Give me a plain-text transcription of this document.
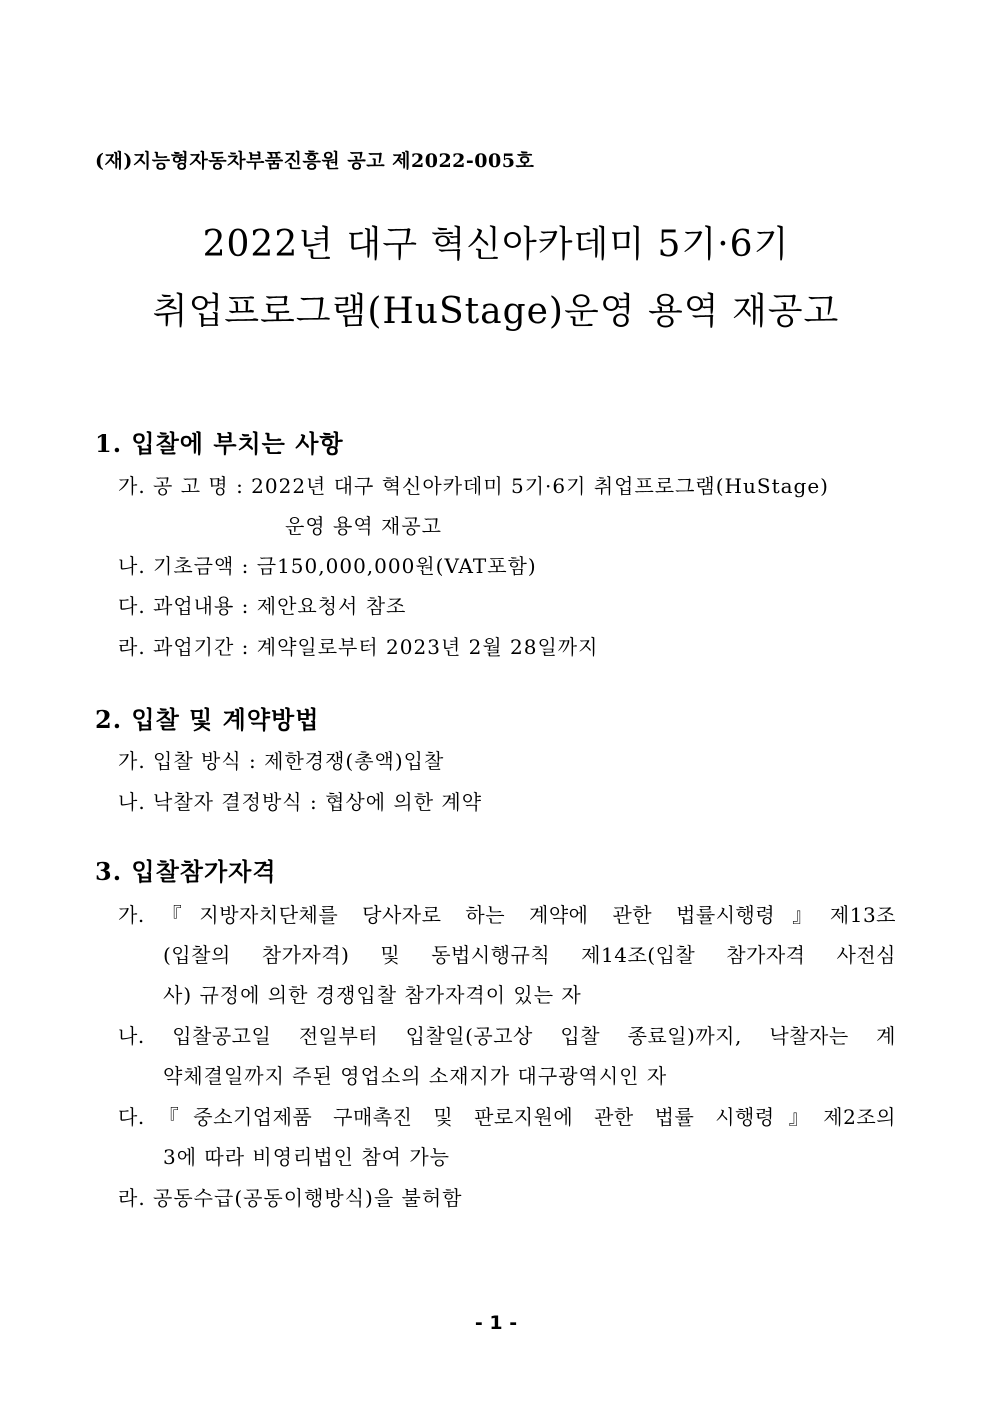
(재)지능형자동차부품진흥원 공고 제2022-005호
2022년 대구 혁신아카데미 5기·6기
취업프로그램(HuStage)운영 용역 재공고
1. 입찰에 부치는 사항
가. 공 고 명 : 2022년 대구 혁신아카데미 5기·6기 취업프로그램(HuStage)
운영 용역 재공고
나. 기초금액 : 금150,000,000원(VAT포함)
다. 과업내용 : 제안요청서 참조
라. 과업기간 : 계약일로부터 2023년 2월 28일까지
2. 입찰 및 계약방법
가. 입찰 방식 : 제한경쟁(총액)입찰
나. 낙찰자 결정방식 : 협상에 의한 계약
3. 입찰참가자격
가.『지방자치단체를 당사자로 하는 계약에 관한 법률시행령』제13조
(입찰의 참가자격) 및 동법시행규칙 제14조(입찰 참가자격 사전심
사) 규정에 의한 경쟁입찰 참가자격이 있는 자
나. 입찰공고일 전일부터 입찰일(공고상 입찰 종료일)까지, 낙찰자는 계
약체결일까지 주된 영업소의 소재지가 대구광역시인 자
다.『중소기업제품 구매촉진 및 판로지원에 관한 법률 시행령』제2조의
3에 따라 비영리법인 참여 가능
라. 공동수급(공동이행방식)을 불허함
- 1 -
